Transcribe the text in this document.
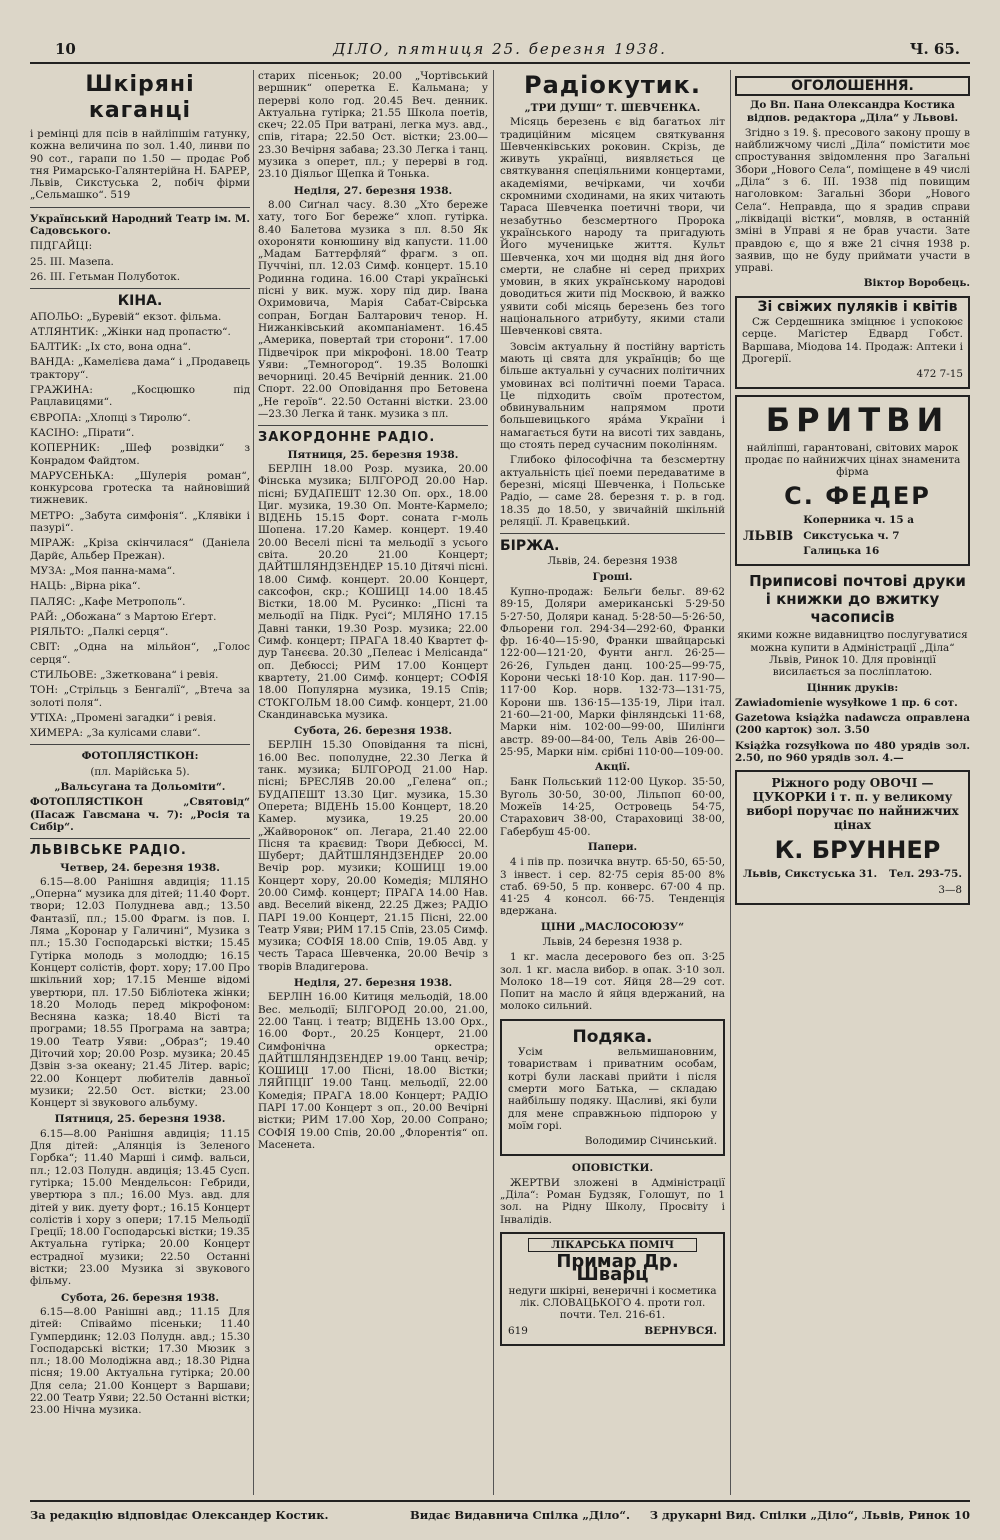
10	ДІЛО, пятниця 25. березня 1938.	Ч. 65.
Шкіряні каганці

і ремінці для псів в найліпшім гатунку, кожна величина по зол. 1.40, линви по 90 сот., гарапи по 1.50 — продає Роб тня Римарсько-Галянтерійна Н. БАРЕР, Львів, Сикстуська 2, побіч фірми „Сельмашко“. 519

Український Народний Театр ім. М. Садовського.

ПІДГАЙЦІ:

25. III. Мазепа.

26. III. Гетьман Полуботок.

КІНА.

АПОЛЬО: „Буревій“ екзот. фільма.

АТЛЯНТИК: „Жінки над пропастю“.

БАЛТИК: „Іх сто, вона одна“.

ВАНДА: „Камелієва дама“ і „Продавець трактору“.

ГРАЖИНА: „Косцюшко під Рацлавицями“.

ЄВРОПА: „Хлопці з Тиролю“.

КАСІНО: „Пірати“.

КОПЕРНИК: „Шеф розвідки“ з Конрадом Файдтом.

МАРУСЕНЬКА: „Шулерія роман“, конкурсова гротеска та найновіший тижневик.

МЕТРО: „Забута симфонія“. „Клявіки і пазурі“.

МІРАЖ: „Кріза скінчилася“ (Даніела Дарйє, Альбер Прежан).

МУЗА: „Моя панна-мама“.

НАЦЬ: „Вірна ріка“.

ПАЛЯС: „Кафе Метрополь“.

РАЙ: „Обожана“ з Мартою Еґерт.

РІЯЛЬТО: „Палкі серця“.

СВІТ: „Одна на мільйон“, „Голос серця“.

СТИЛЬОВЕ: „Зжеткована“ і ревія.

ТОН: „Стрільць з Бенгалії“, „Втеча за золоті поля“.

УТІХА: „Промені загадки“ і ревія.

ХИМЕРА: „За кулісами слави“.

ФОТОПЛЯСТІКОН:

(пл. Марійська 5).

„Вальсугана та Дольоміти“.

ФОТОПЛЯСТІКОН „Святовід“ (Пасаж Гавсмана ч. 7): „Росія та Сибір“.

ЛЬВІВСЬКЕ РАДІО.
Четвер, 24. березня 1938.

6.15—8.00 Ранішня авдиція; 11.15 „Оперна“ музика для дітей; 11.40 Форт. твори; 12.03 Полуднева авд.; 13.50 Фантазії, пл.; 15.00 Фрагм. із пов. І. Ляма „Коронар у Галичині“, Музика з пл.; 15.30 Господарські вістки; 15.45 Гутірка молодь з молоддю; 16.15 Концерт солістів, форт. хору; 17.00 Про шкільний хор; 17.15 Менше відомі увертюри, пл. 17.50 Бібліотека жінки; 18.20 Молодь перед мікрофоном: Весняна казка; 18.40 Вісті та програми; 18.55 Програма на завтра; 19.00 Театр Уяви: „Образ“; 19.40 Діточий хор; 20.00 Розр. музика; 20.45 Дзвін з-за океану; 21.45 Літер. варіс; 22.00 Концерт любителів давньої музики; 22.50 Ост. вістки; 23.00 Концерт зі звукового альбуму.

Пятниця, 25. березня 1938.

6.15—8.00 Ранішня авдиція; 11.15 Для дітей: „Алянція із Зеленого Горбка“; 11.40 Марші і симф. вальси, пл.; 12.03 Полудн. авдиція; 13.45 Сусп. гутірка; 15.00 Мендельсон: Гебриди, увертюра з пл.; 16.00 Муз. авд. для дітей у вик. дуету форт.; 16.15 Концерт солістів і хору з опери; 17.15 Мельодії Греції; 18.00 Господарські вістки; 19.35 Актуальна гутірка; 20.00 Концерт естрадної музики; 22.50 Останні вістки; 23.00 Музика зі звукового фільму.

Субота, 26. березня 1938.

6.15—8.00 Ранішні авд.; 11.15 Для дітей: Співаймо пісеньки; 11.40 Гумпердинк; 12.03 Полудн. авд.; 15.30 Господарські вістки; 17.30 Мюзик з пл.; 18.00 Молодіжна авд.; 18.30 Рідна пісня; 19.00 Актуальна гутірка; 20.00 Для села; 21.00 Концерт з Варшави; 22.00 Театр Уяви; 22.50 Останні вістки; 23.00 Нічна музика.

старих пісеньок; 20.00 „Чортівський вершник“ оперетка Е. Кальмана; у перерві коло год. 20.45 Веч. денник. Актуальна гутірка; 21.55 Школа поетів, скеч; 22.05 При ватрані, легка муз. авд., спів, гітара; 22.50 Ост. вістки; 23.00—23.30 Вечірня забава; 23.30 Легка і танц. музика з оперет, пл.; у перерві в год. 23.10 Діяльог Щепка й Тонька.

Неділя, 27. березня 1938.

8.00 Сиґнал часу. 8.30 „Хто береже хату, того Бог береже“ хлоп. гутірка. 8.40 Балетова музика з пл. 8.50 Як охороняти конюшину від капусти. 11.00 „Мадам Баттерфляй“ фрагм. з оп. Пуччіні, пл. 12.03 Симф. концерт. 15.10 Родинна година. 16.00 Старі українські пісні у вик. муж. хору під дир. Івана Охримовича, Марія Сабат-Свірська сопран, Богдан Балтарович тенор. Н. Нижанківський акомпаніамент. 16.45 „Америка, повертай три сторони“. 17.00 Підвечірок при мікрофоні. 18.00 Театр Уяви: „Темногород“. 19.35 Волошкі вечорниці. 20.45 Вечірній денник. 21.00 Спорт. 22.00 Оповідання про Бетовена „Не героїв“. 22.50 Останні вістки. 23.00—23.30 Легка й танк. музика з пл.

ЗАКОРДОННЕ РАДІО.
Пятниця, 25. березня 1938.

БЕРЛІН 18.00 Розр. музика, 20.00 Фінська музика; БІЛГОРОД 20.00 Нар. пісні; БУДАПЕШТ 12.30 Оп. орх., 18.00 Циг. музика, 19.30 Оп. Монте-Кармело; ВІДЕНЬ 15.15 Форт. соната г-моль Шопена. 17.20 Камер. концерт. 19.40 20.00 Веселі пісні та мельодії з усього світа. 20.20 21.00 Концерт; ДАЙТШЛЯНДЗЕНДЕР 15.10 Дітячі пісні. 18.00 Симф. концерт. 20.00 Концерт, саксофон, скр.; КОШИЦІ 14.00 18.45 Вістки, 18.00 М. Русинко: „Пісні та мельодії на Підк. Русі“; МІЛЯНО 17.15 Давні танки, 19.30 Розр. музика; 22.00 Симф. концерт; ПРАГА 18.40 Квартет ф-дур Танєєва. 20.30 „Пелеас і Мелісанда“ оп. Дебюссі; РИМ 17.00 Концерт квартету, 21.00 Симф. концерт; СОФІЯ 18.00 Популярна музика, 19.15 Спів; СТОКГОЛЬМ 18.00 Симф. концерт, 21.00 Скандинавська музика.

Субота, 26. березня 1938.

БЕРЛІН 15.30 Оповідання та пісні, 16.00 Вес. пополудне, 22.30 Легка й танк. музика; БІЛГОРОД 21.00 Нар. пісні; БРЕСЛЯВ 20.00 „Гелена“ оп.; БУДАПЕШТ 13.30 Циг. музика, 15.30 Оперета; ВІДЕНЬ 15.00 Концерт, 18.20 Камер. музика, 19.25 20.00 „Жайворонок“ оп. Легара, 21.40 22.00 Пісня та краєвид: Твори Дебюссі, М. Шуберт; ДАЙТШЛЯНДЗЕНДЕР 20.00 Вечір рор. музики; КОШИЦІ 19.00 Концерт хору, 20.00 Комедія; МІЛЯНО 20.00 Симф. концерт; ПРАГА 14.00 Нав. авд. Веселий вікенд, 22.25 Джез; РАДІО ПАРІ 19.00 Концерт, 21.15 Пісні, 22.00 Театр Уяви; РИМ 17.15 Спів, 23.05 Симф. музика; СОФІЯ 18.00 Спів, 19.05 Авд. у честь Тараса Шевченка, 20.00 Вечір з творів Владигерова.

Неділя, 27. березня 1938.

БЕРЛІН 16.00 Китиця мельодій, 18.00 Вес. мельодії; БІЛГОРОД 20.00, 21.00, 22.00 Танц. і театр; ВІДЕНЬ 13.00 Орх., 16.00 Форт., 20.25 Концерт, 21.00 Симфонічна оркестра; ДАЙТШЛЯНДЗЕНДЕР 19.00 Танц. вечір; КОШИЦІ 17.00 Пісні, 18.00 Вістки; ЛЯЙПЦІҐ 19.00 Танц. мельодії, 22.00 Комедія; ПРАГА 18.00 Концерт; РАДІО ПАРІ 17.00 Концерт з оп., 20.00 Вечірні вістки; РИМ 17.00 Хор, 20.00 Сопрано; СОФІЯ 19.00 Спів, 20.00 „Флорентія“ оп. Масенета.

Радіокутик.
„ТРИ ДУШІ“ Т. ШЕВЧЕНКА.

Місяць березень є від багатьох літ традиційним місяцем святкування Шевченківських роковин. Скрізь, де живуть українці, виявляється це святкування спеціяльними концертами, академіями, вечірками, чи хочби скромними сходинами, на яких читають Тараса Шевченка поетичні твори, чи незабутньо безсмертного Пророка українського народу та пригадують Його мученицьке життя. Культ Шевченка, хоч ми щодня від дня його смерти, не слабне ні серед прихрих умовин, в яких українському народові доводиться жити під Москвою, й важко уявити собі місяць березень без того національного атрибуту, якими стали Шевченкові свята.

Зовсім актуальну й постійну вартість мають ці свята для українців; бо ще більше актуальні у сучасних політичних умовинах всі політичні поеми Тараса. Це підходить своїм протестом, обвинувальним напрямом проти большевицького яра́ма України і намагається бути на висоті тих завдань, що стоять перед сучасним поколінням.

Глибоко філософічна та безсмертну актуальність цієї поеми передаватиме в березні, місяці Шевченка, і Польське Радіо, — саме 28. березня т. р. в год. 18.35 до 18.50, у звичайній шкільній реляції. Л. Кравецький.

БІРЖА.

Львів, 24. березня 1938

Гроші.

Купно-продаж: Бельґи бельг. 89·62 89·15, Доляри американські 5·29·50 5·27·50, Доляри канад. 5·28·50—5·26·50, Фльорени гол. 294·34—292·60, Франки фр. 16·40—15·90, Франки швайцарські 122·00—121·20, Фунти англ. 26·25—26·26, Гульден данц. 100·25—99·75, Корони чеські 18·10 Кор. дан. 117·90—117·00 Кор. норв. 132·73—131·75, Корони шв. 136·15—135·19, Ліри італ. 21·60—21·00, Марки фінляндські 11·68, Марки нім. 102·00—99·00, Шилінги австр. 89·00—84·00, Тель Авів 26·00—25·95, Марки нім. срібні 110·00—109·00.

Акції.

Банк Польський 112·00 Цукор. 35·50, Вуголь 30·50, 30·00, Лільпоп 60·00, Можеїв 14·25, Островець 54·75, Старахович 38·00, Стараховиці 38·00, Габербуш 45·00.

Папери.

4 і пів пр. позичка внутр. 65·50, 65·50, 3 інвест. і сер. 82·75 серія 85·00 8% стаб. 69·50, 5 пр. конверс. 67·00 4 пр. 41·25 4 консол. 66·75. Тенденція вдержана.

ЦІНИ „МАСЛОСОЮЗУ“

Львів, 24 березня 1938 р.

1 кг. масла десерового без оп. 3·25 зол. 1 кг. масла вибор. в опак. 3·10 зол. Молоко 18—19 сот. Яйця 28—29 сот. Попит на масло й яйця вдержаний, на молоко сильний.

Подяка.

Усім вельмишановним, товариствам і приватним особам, котрі були ласкаві прийти і після смерти мого Батька, — складаю найбільшу подяку. Щасливі, які були для мене справжньою підпорою у моїм горі.

Володимир Січинський.

ОПОВІСТКИ.

ЖЕРТВИ зложені в Адміністрації „Діла“: Роман Будзяк, Голошут, по 1 зол. на Рідну Школу, Просвіту і Інвалідів.

ЛІКАРСЬКА ПОМІЧ

Примар Др. Шварц

недуги шкірні, венеричні і косметика лік. СЛОВАЦЬКОГО 4. проти гол. почти. Тел. 216-61.

619	ВЕРНУВСЯ.

ОГОЛОШЕННЯ.

До Вп. Пана Олександра Костика відпов. редактора „Діла“ у Львові.

Згідно з 19. §. пресового закону прошу в найближчому числі „Діла“ помістити моє спростування звідомлення про Загальні Збори „Нового Села“, поміщене в 49 числі „Діла“ з 6. III. 1938 під повищим наголовком: Загальні Збори „Нового Села“. Неправда, що я зрадив справи „ліквідаціі вістки“, мовляв, в останній зміні в Управі я не брав участи. Зате правдою є, що я вже 21 січня 1938 р. заявив, що не буду приймати участи в управі.

Віктор Воробець.

Зі свіжих пуляків і квітів

Сж Сердешника зміцнює і успокоює серце. Магістер Едвард Гобст. Варшава, Міодова 14. Продаж: Аптеки і Дрогерії.

472 7-15

БРИТВИ

найліпші, гарантовані, світових марок продає по найнижчих цінах знаменита фірма

С. ФЕДЕР

ЛЬВІВ

Коперника ч. 15 а

Сикстуська ч. 7

Галицька 16

Приписові почтові друки і книжки до вжитку часописів

якими кожне видавництво послугуватися можна купити в Адміністрації „Діла“ Львів, Ринок 10. Для провінції висилається за посліплатою.

Цінник друків:

Zawiadomienie wysyłkowe 1 пр. 6 сот.

Gazetowa książka nadawcza оправлена (200 карток) зол. 3.50

Książka rozsyłkowa по 480 урядів зол. 2.50, по 960 урядів зол. 4.—

Ріжного роду ОВОЧІ — ЦУКОРКИ і т. п. у великому виборі поручає по найнижчих цінах

К. БРУННЕР

Львів, Сикстуська 31. Тел. 293-75.

3—8

За редакцію відповідає Олександер Костик.	Видає Видавнича Спілка „Діло“. З друкарні Вид. Спілки „Діло“, Львів, Ринок 10
